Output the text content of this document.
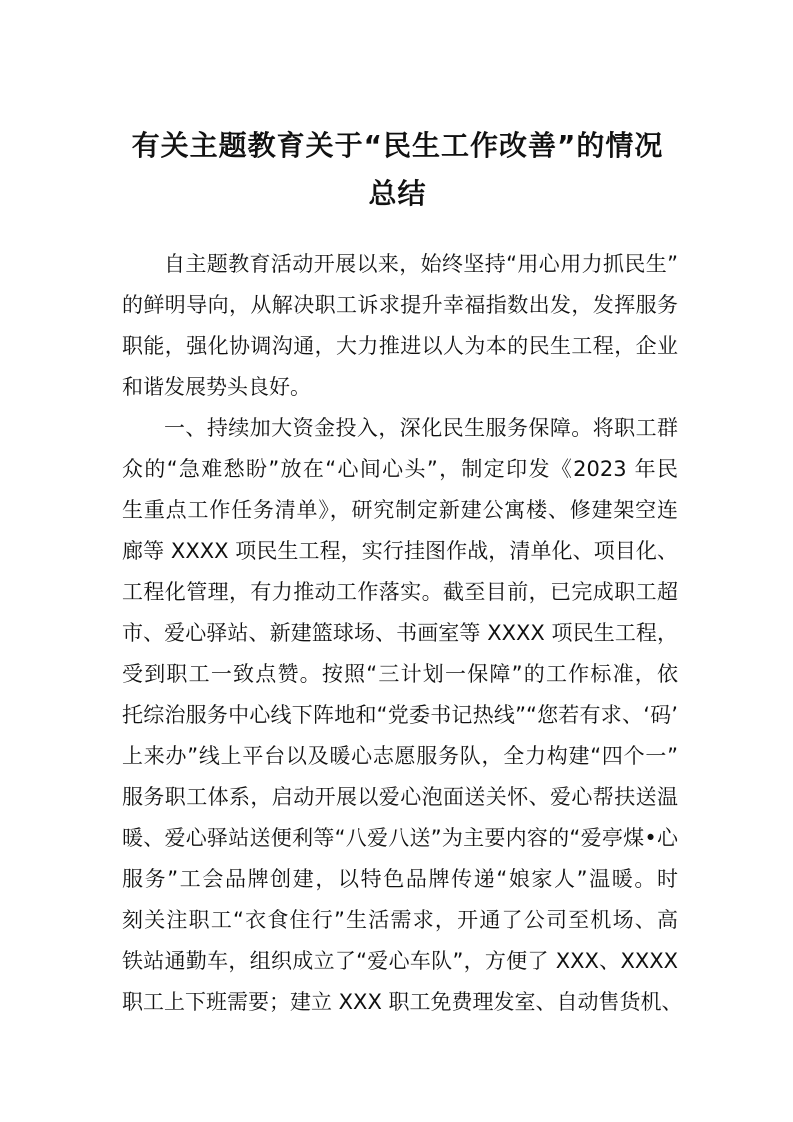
有关主题教育关于“民生工作改善”的情况
总结
自主题教育活动开展以来，始终坚持“用心用力抓民生”
的鲜明导向，从解决职工诉求提升幸福指数出发，发挥服务
职能，强化协调沟通，大力推进以人为本的民生工程，企业
和谐发展势头良好。
一、持续加大资金投入，深化民生服务保障。将职工群
众的“急难愁盼”放在“心间心头”，制定印发《2023 年民
生重点工作任务清单》，研究制定新建公寓楼、修建架空连
廊等 XXXX 项民生工程，实行挂图作战，清单化、项目化、
工程化管理，有力推动工作落实。截至目前，已完成职工超
市、爱心驿站、新建篮球场、书画室等 XXXX 项民生工程，
受到职工一致点赞。按照“三计划一保障”的工作标准，依
托综治服务中心线下阵地和“党委书记热线”“您若有求、‘码’
上来办”线上平台以及暖心志愿服务队，全力构建“四个一”
服务职工体系，启动开展以爱心泡面送关怀、爱心帮扶送温
暖、爱心驿站送便利等“八爱八送”为主要内容的“爱亭煤•心
服务”工会品牌创建，以特色品牌传递“娘家人”温暖。时
刻关注职工“衣食住行”生活需求，开通了公司至机场、高
铁站通勤车，组织成立了“爱心车队”，方便了 XXX、XXXX
职工上下班需要；建立 XXX 职工免费理发室、自动售货机、
